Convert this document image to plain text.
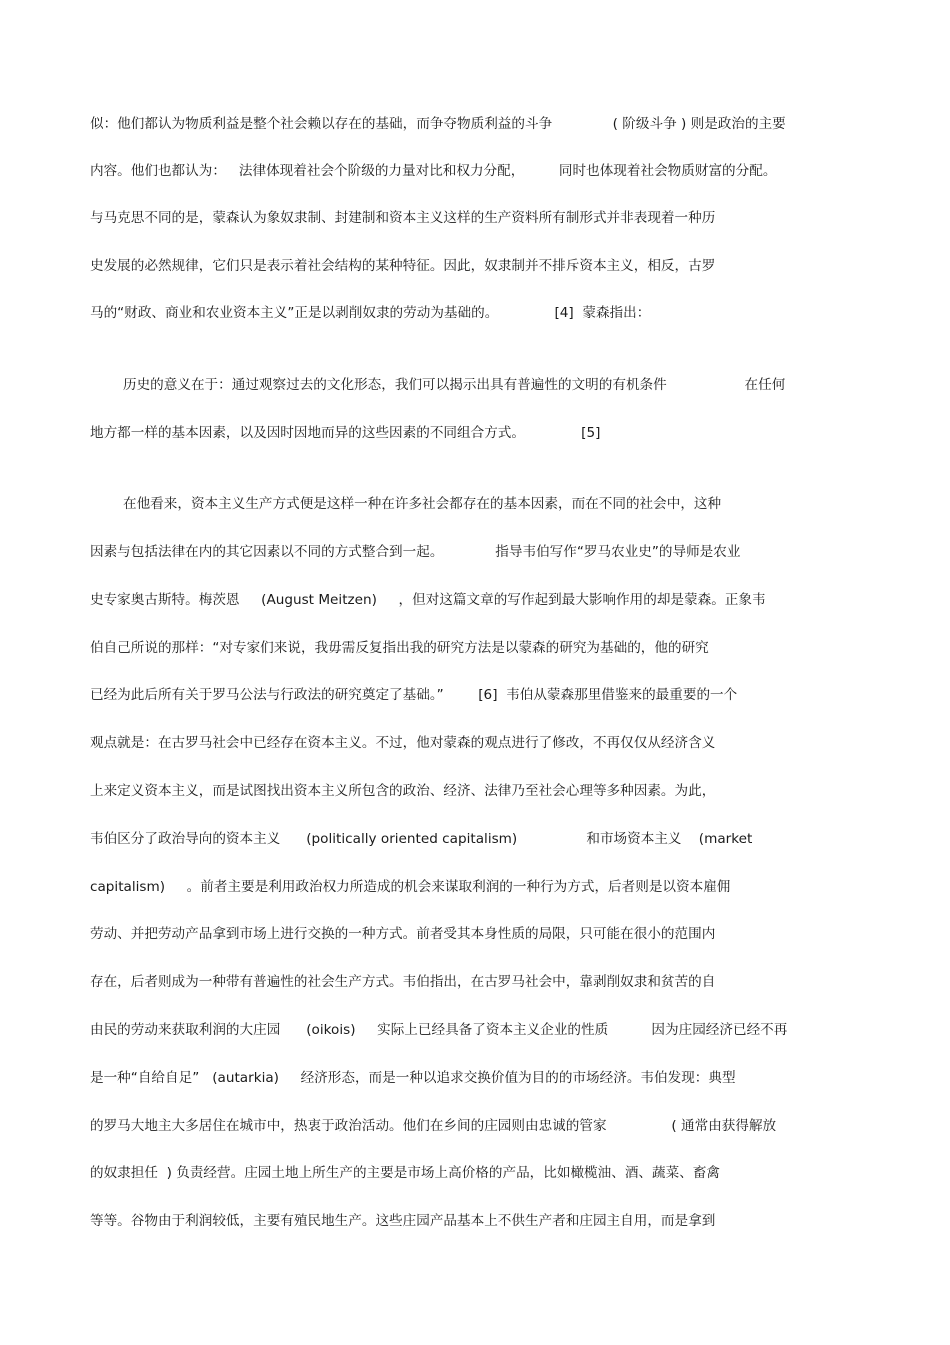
似：他们都认为物质利益是整个社会赖以存在的基础，而争夺物质利益的斗争              ( 阶级斗争 ) 则是政治的主要
内容。他们也都认为：   法律体现着社会个阶级的力量对比和权力分配，        同时也体现着社会物质财富的分配。
与马克思不同的是，蒙森认为象奴隶制、封建制和资本主义这样的生产资料所有制形式并非表现着一种历
史发展的必然规律，它们只是表示着社会结构的某种特征。因此，奴隶制并不排斥资本主义，相反，古罗
马的“财政、商业和农业资本主义”正是以剥削奴隶的劳动为基础的。             [4]  蒙森指出：
历史的意义在于：通过观察过去的文化形态，我们可以揭示出具有普遍性的文明的有机条件                  在任何
地方都一样的基本因素，以及因时因地而异的这些因素的不同组合方式。             [5]
在他看来，资本主义生产方式便是这样一种在许多社会都存在的基本因素，而在不同的社会中，这种
因素与包括法律在内的其它因素以不同的方式整合到一起。            指导韦伯写作“罗马农业史”的导师是农业
史专家奥古斯特。梅茨恩     (August Meitzen)     ，但对这篇文章的写作起到最大影响作用的却是蒙森。正象韦
伯自己所说的那样：“对专家们来说，我毋需反复指出我的研究方法是以蒙森的研究为基础的，他的研究
已经为此后所有关于罗马公法与行政法的研究奠定了基础。”        [6]  韦伯从蒙森那里借鉴来的最重要的一个
观点就是：在古罗马社会中已经存在资本主义。不过，他对蒙森的观点进行了修改，不再仅仅从经济含义
上来定义资本主义，而是试图找出资本主义所包含的政治、经济、法律乃至社会心理等多种因素。为此，
韦伯区分了政治导向的资本主义      (politically oriented capitalism)                和市场资本主义    (market
capitalism)     。前者主要是利用政治权力所造成的机会来谋取利润的一种行为方式，后者则是以资本雇佣
劳动、并把劳动产品拿到市场上进行交换的一种方式。前者受其本身性质的局限，只可能在很小的范围内
存在，后者则成为一种带有普遍性的社会生产方式。韦伯指出，在古罗马社会中，靠剥削奴隶和贫苦的自
由民的劳动来获取利润的大庄园      (oikois)     实际上已经具备了资本主义企业的性质          因为庄园经济已经不再
是一种“自给自足”   (autarkia)     经济形态，而是一种以追求交换价值为目的的市场经济。韦伯发现：典型
的罗马大地主大多居住在城市中，热衷于政治活动。他们在乡间的庄园则由忠诚的管家               ( 通常由获得解放
的奴隶担任  ) 负责经营。庄园土地上所生产的主要是市场上高价格的产品，比如橄榄油、酒、蔬菜、畜禽
等等。谷物由于利润较低，主要有殖民地生产。这些庄园产品基本上不供生产者和庄园主自用，而是拿到
